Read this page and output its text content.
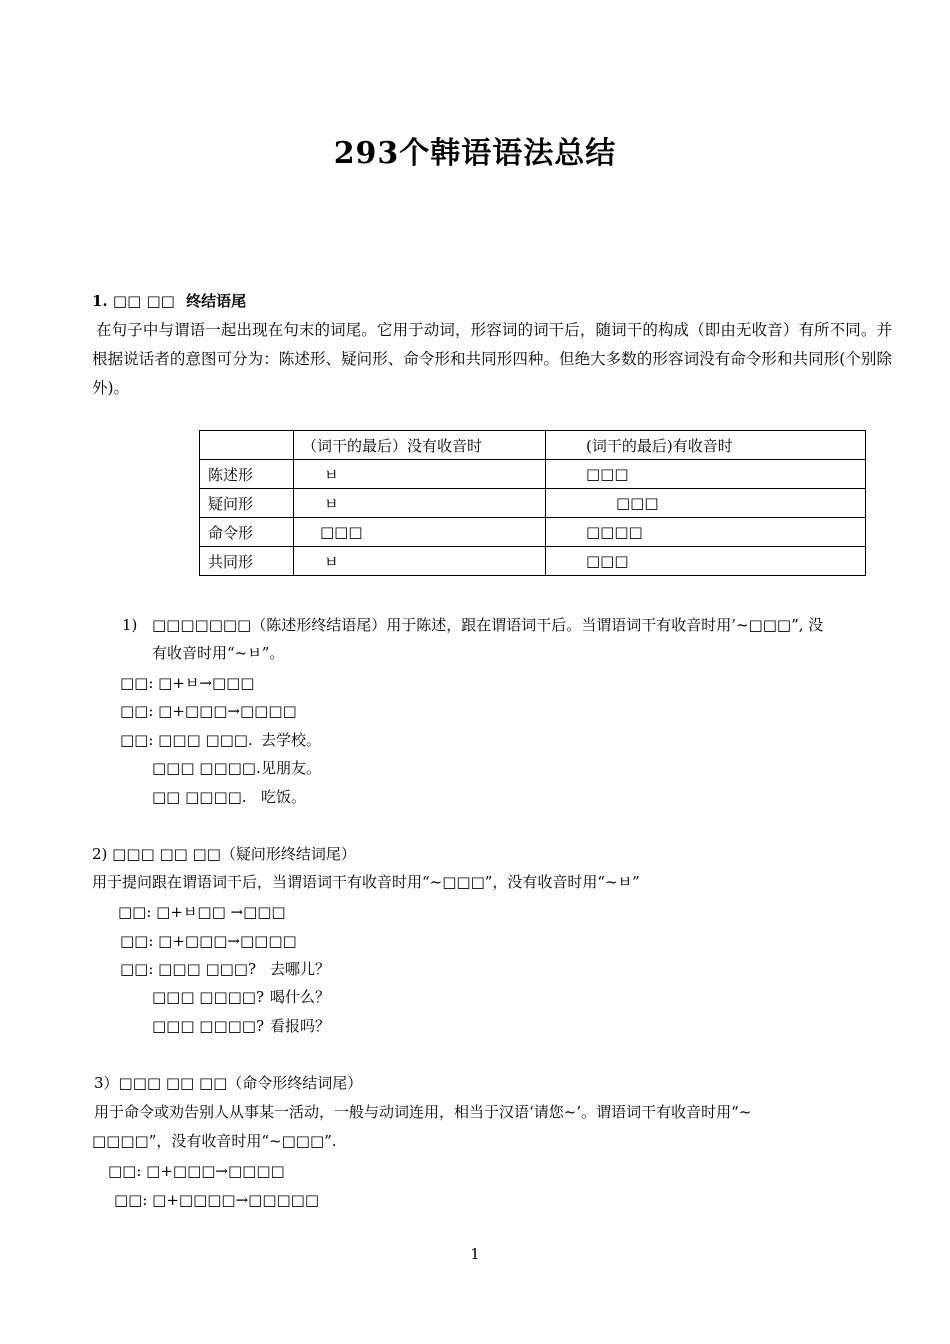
293个韩语语法总结
1. □□ □□ 终结语尾
在句子中与谓语一起出现在句末的词尾。它用于动词，形容词的词干后，随词干的构成（即由无收音）有所不同。并根据说话者的意图可分为：陈述形、疑问形、命令形和共同形四种。但绝大多数的形容词没有命令形和共同形(个别除外)。
	（词干的最后）没有收音时	(词干的最后)有收音时
陈述形	ㅂ	□□□
疑问形	ㅂ	□□□
命令形	□□□	□□□□
共同形	ㅂ	□□□
1) □□□□□□□（陈述形终结语尾）用于陈述，跟在谓语词干后。当谓语词干有收音时用’~□□□”, 没
有收音时用“~ㅂ”。
□□: □+ㅂ→□□□
□□: □+□□□→□□□□
□□: □□□ □□□. 去学校。
□□□ □□□□. 见朋友。
□□ □□□□. 吃饭。
2) □□□ □□ □□（疑问形终结词尾）
用于提问跟在谓语词干后，当谓语词干有收音时用“~□□□”，没有收音时用“~ㅂ”
□□: □+ㅂ□□ →□□□
□□: □+□□□→□□□□
□□: □□□ □□□? 去哪儿？
□□□ □□□□? 喝什么？
□□□ □□□□? 看报吗？
3）□□□ □□ □□（命令形终结词尾）
用于命令或劝告别人从事某一活动，一般与动词连用，相当于汉语‘请您~’。谓语词干有收音时用“~
□□□□”，没有收音时用“~□□□”.
□□: □+□□□→□□□□
□□: □+□□□□→□□□□□
1
